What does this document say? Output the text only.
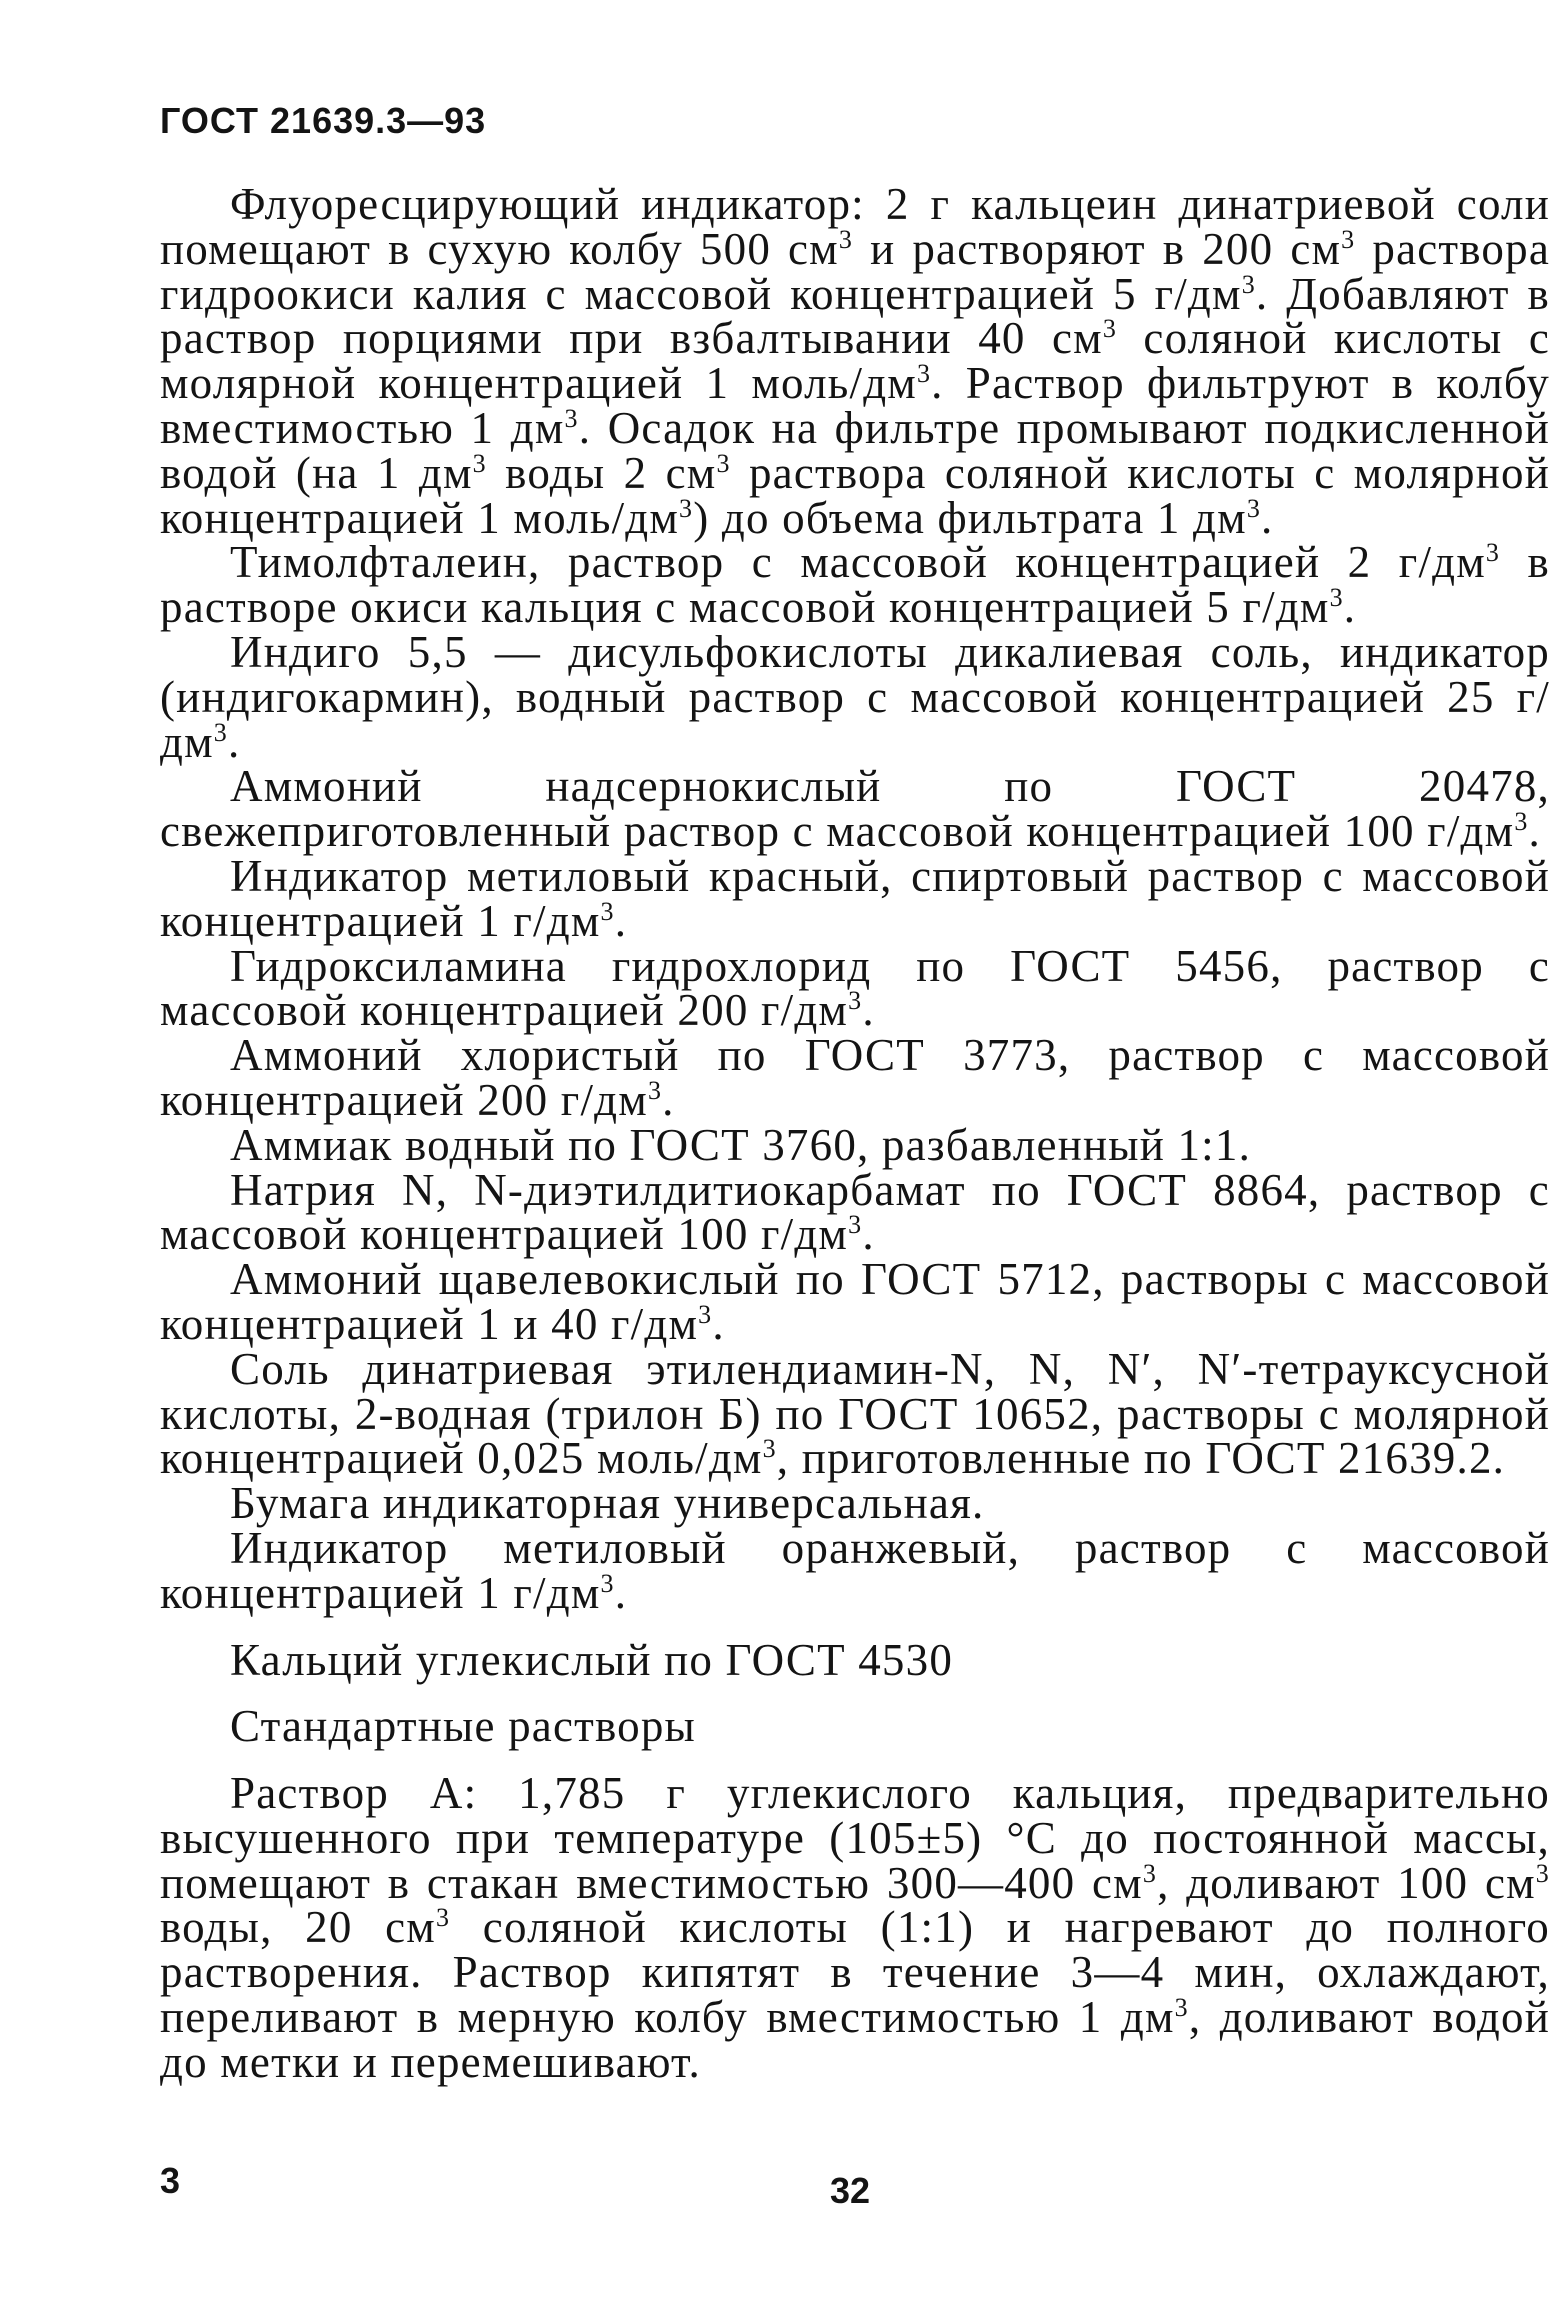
ГОСТ 21639.3—93

Флуоресцирующий индикатор: 2 г кальцеин динатриевой соли помещают в сухую колбу 500 $см^3$ и растворяют в 200 $см^3$ раствора гидроокиси калия с массовой концентрацией 5 $г/дм^3$. Добавляют в раствор порциями при взбалтывании 40 $см^3$ соляной кислоты с молярной концентрацией 1 моль/$дм^3$. Раствор фильтруют в колбу вместимостью 1 $дм^3$. Осадок на фильтре промывают подкисленной водой (на 1 $дм^3$ воды 2 $см^3$ раствора соляной кислоты с молярной концентрацией 1 моль/$дм^3$) до объема фильтрата 1 $дм^3$.

Тимолфталеин, раствор с массовой концентрацией 2 $г/дм^3$ в растворе окиси кальция с массовой концентрацией 5 $г/дм^3$.

Индиго 5,5 — дисульфокислоты дикалиевая соль, индикатор (индигокармин), водный раствор с массовой концентрацией 25 $г/дм^3$.

Аммоний надсернокислый по ГОСТ 20478, свежеприготовленный раствор с массовой концентрацией 100 $г/дм^3$.

Индикатор метиловый красный, спиртовый раствор с массовой концентрацией 1 $г/дм^3$.

Гидроксиламина гидрохлорид по ГОСТ 5456, раствор с массовой концентрацией 200 $г/дм^3$.

Аммоний хлористый по ГОСТ 3773, раствор с массовой концентрацией 200 $г/дм^3$.

Аммиак водный по ГОСТ 3760, разбавленный 1:1.

Натрия N, N-диэтилдитиокарбамат по ГОСТ 8864, раствор с массовой концентрацией 100 $г/дм^3$.

Аммоний щавелевокислый по ГОСТ 5712, растворы с массовой концентрацией 1 и 40 $г/дм^3$.

Соль динатриевая этилендиамин-N, N, N′, N′-тетрауксусной кислоты, 2-водная (трилон Б) по ГОСТ 10652, растворы с молярной концентрацией 0,025 моль/$дм^3$, приготовленные по ГОСТ 21639.2.

Бумага индикаторная универсальная.

Индикатор метиловый оранжевый, раствор с массовой концентрацией 1 $г/дм^3$.

Кальций углекислый по ГОСТ 4530

Стандартные растворы

Раствор А: 1,785 г углекислого кальция, предварительно высушенного при температуре (105±5) °С до постоянной массы, помещают в стакан вместимостью 300—400 $см^3$, доливают 100 $см^3$ воды, 20 $см^3$ соляной кислоты (1:1) и нагревают до полного растворения. Раствор кипятят в течение 3—4 мин, охлаждают, переливают в мерную колбу вместимостью 1 $дм^3$, доливают водой до метки и перемешивают.

3	32
